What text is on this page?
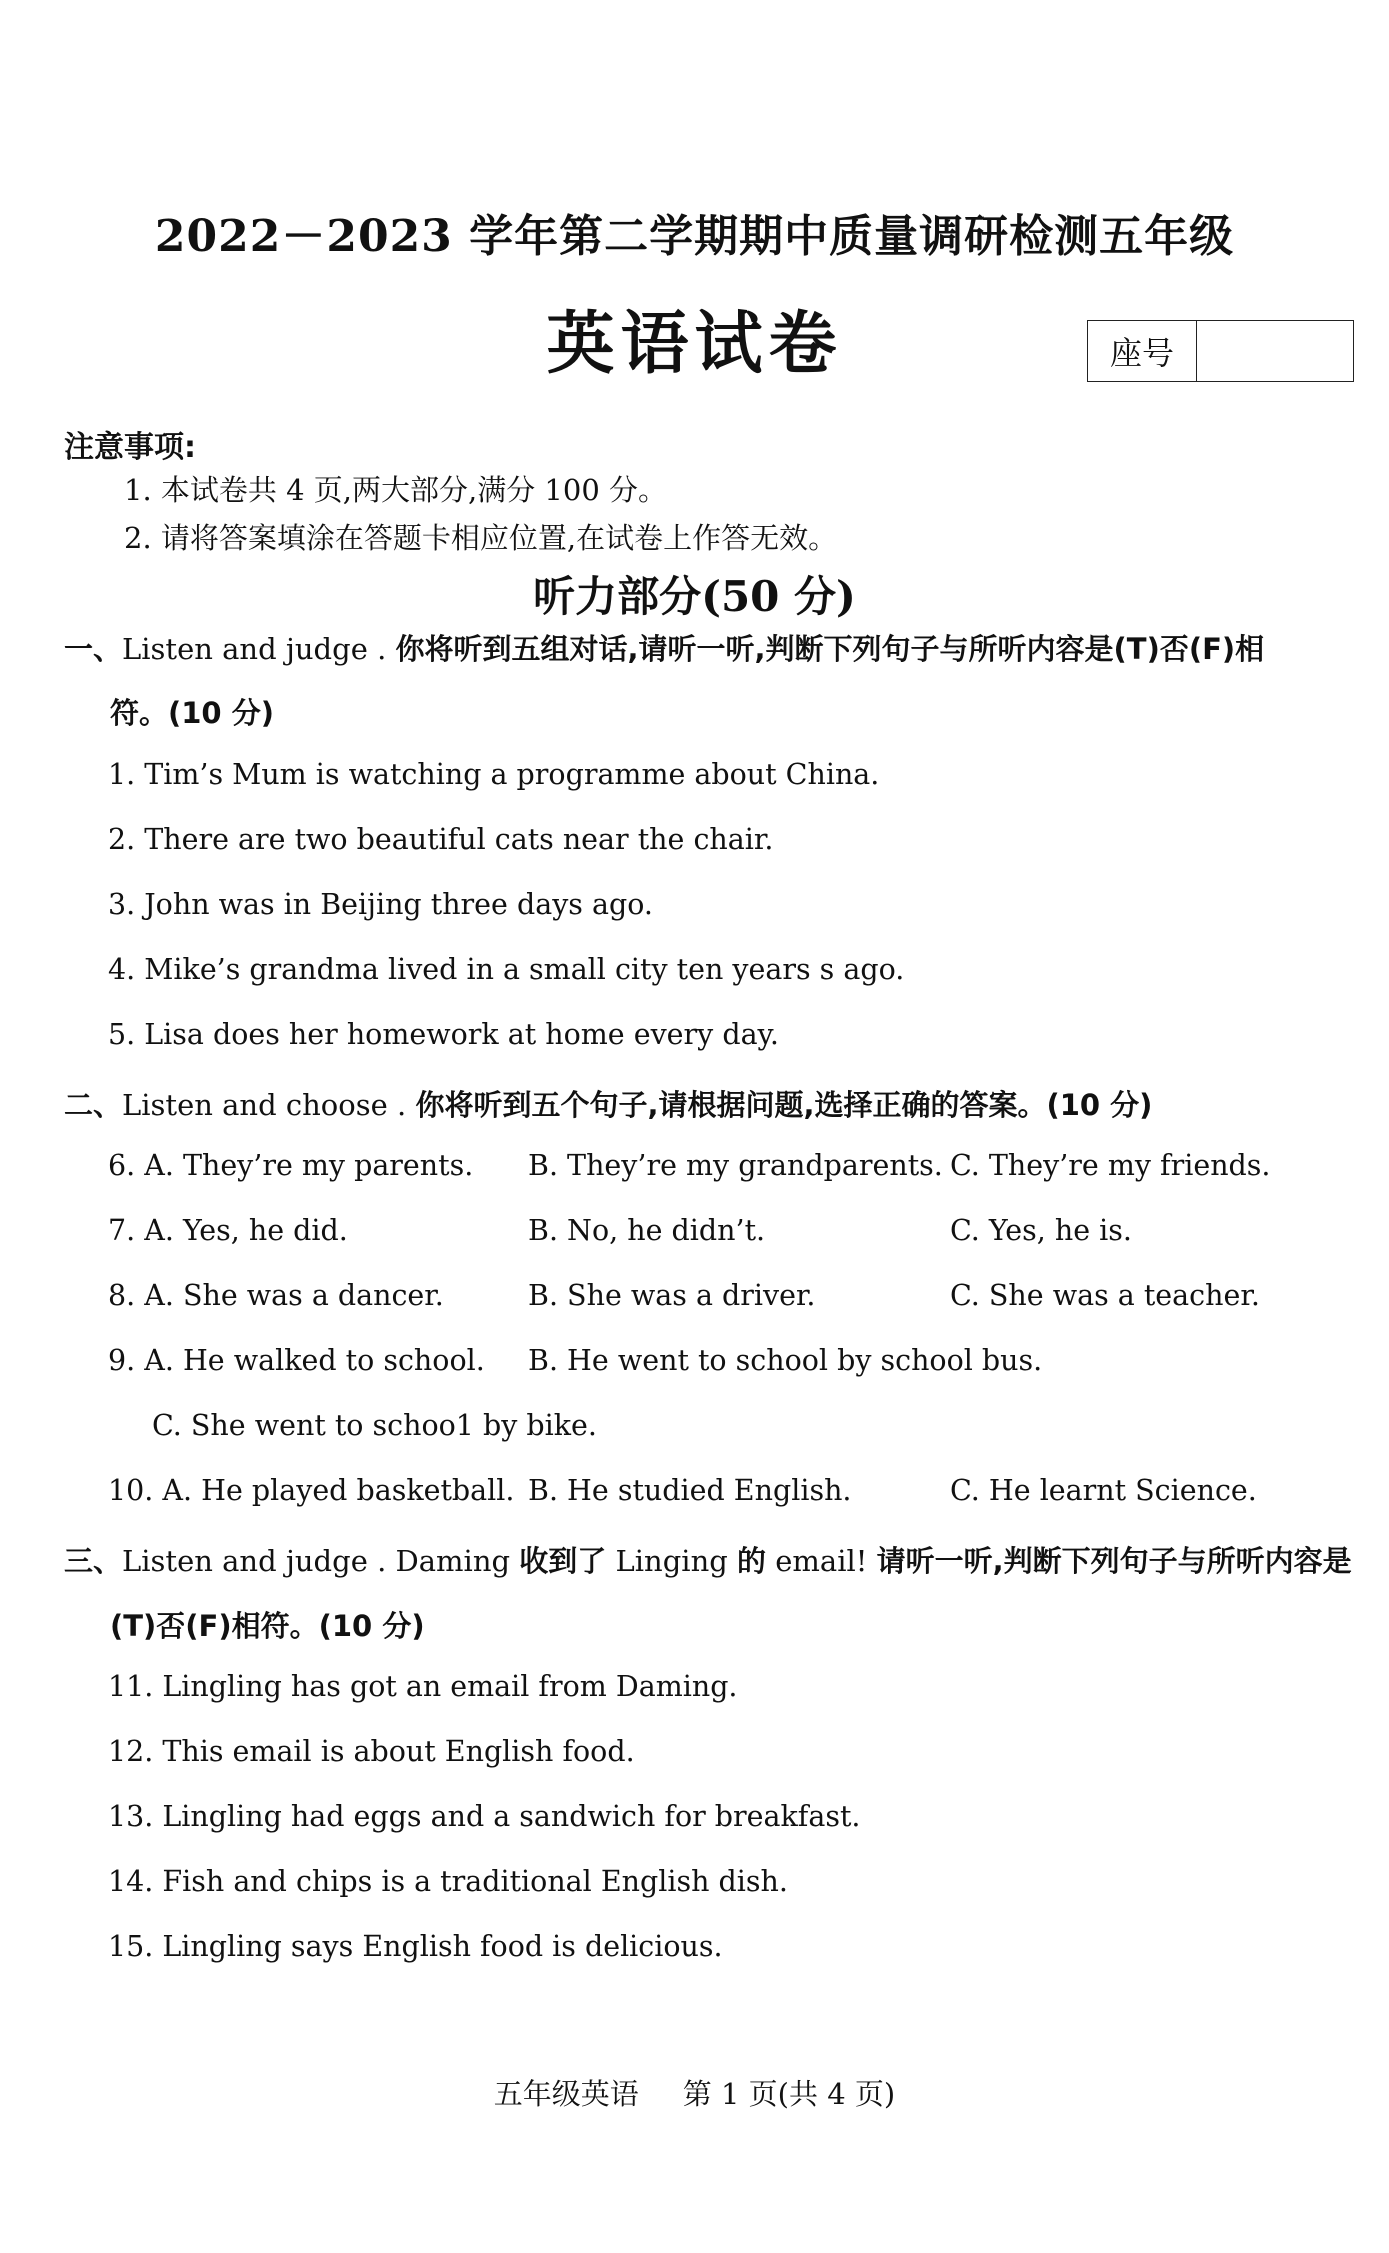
2022－2023 学年第二学期期中质量调研检测五年级
英语试卷	座号
注意事项:
1. 本试卷共 4 页,两大部分,满分 100 分。
2. 请将答案填涂在答题卡相应位置,在试卷上作答无效。
听力部分(50 分)
一、Listen and judge . 你将听到五组对话,请听一听,判断下列句子与所听内容是(T)否(F)相
符。(10 分)
1. Tim’s Mum is watching a programme about China.
2. There are two beautiful cats near the chair.
3. John was in Beijing three days ago.
4. Mike’s grandma lived in a small city ten years s ago.
5. Lisa does her homework at home every day.
二、Listen and choose . 你将听到五个句子,请根据问题,选择正确的答案。(10 分)
6. A. They’re my parents. B. They’re my grandparents. C. They’re my friends.
7. A. Yes, he did.	B. No, he didn’t.	C. Yes, he is.
8. A. She was a dancer.	B. She was a driver.	C. She was a teacher.
9. A. He walked to school. B. He went to school by school bus.
C. She went to schoo1 by bike.
10. A. He played basketball. B. He studied English.	C. He learnt Science.
三、Listen and judge . Daming 收到了 Linging 的 email! 请听一听,判断下列句子与所听内容是
(T)否(F)相符。(10 分)
11. Lingling has got an email from Daming.
12. This email is about English food.
13. Lingling had eggs and a sandwich for breakfast.
14. Fish and chips is a traditional English dish.
15. Lingling says English food is delicious.
五年级英语 第 1 页(共 4 页)
